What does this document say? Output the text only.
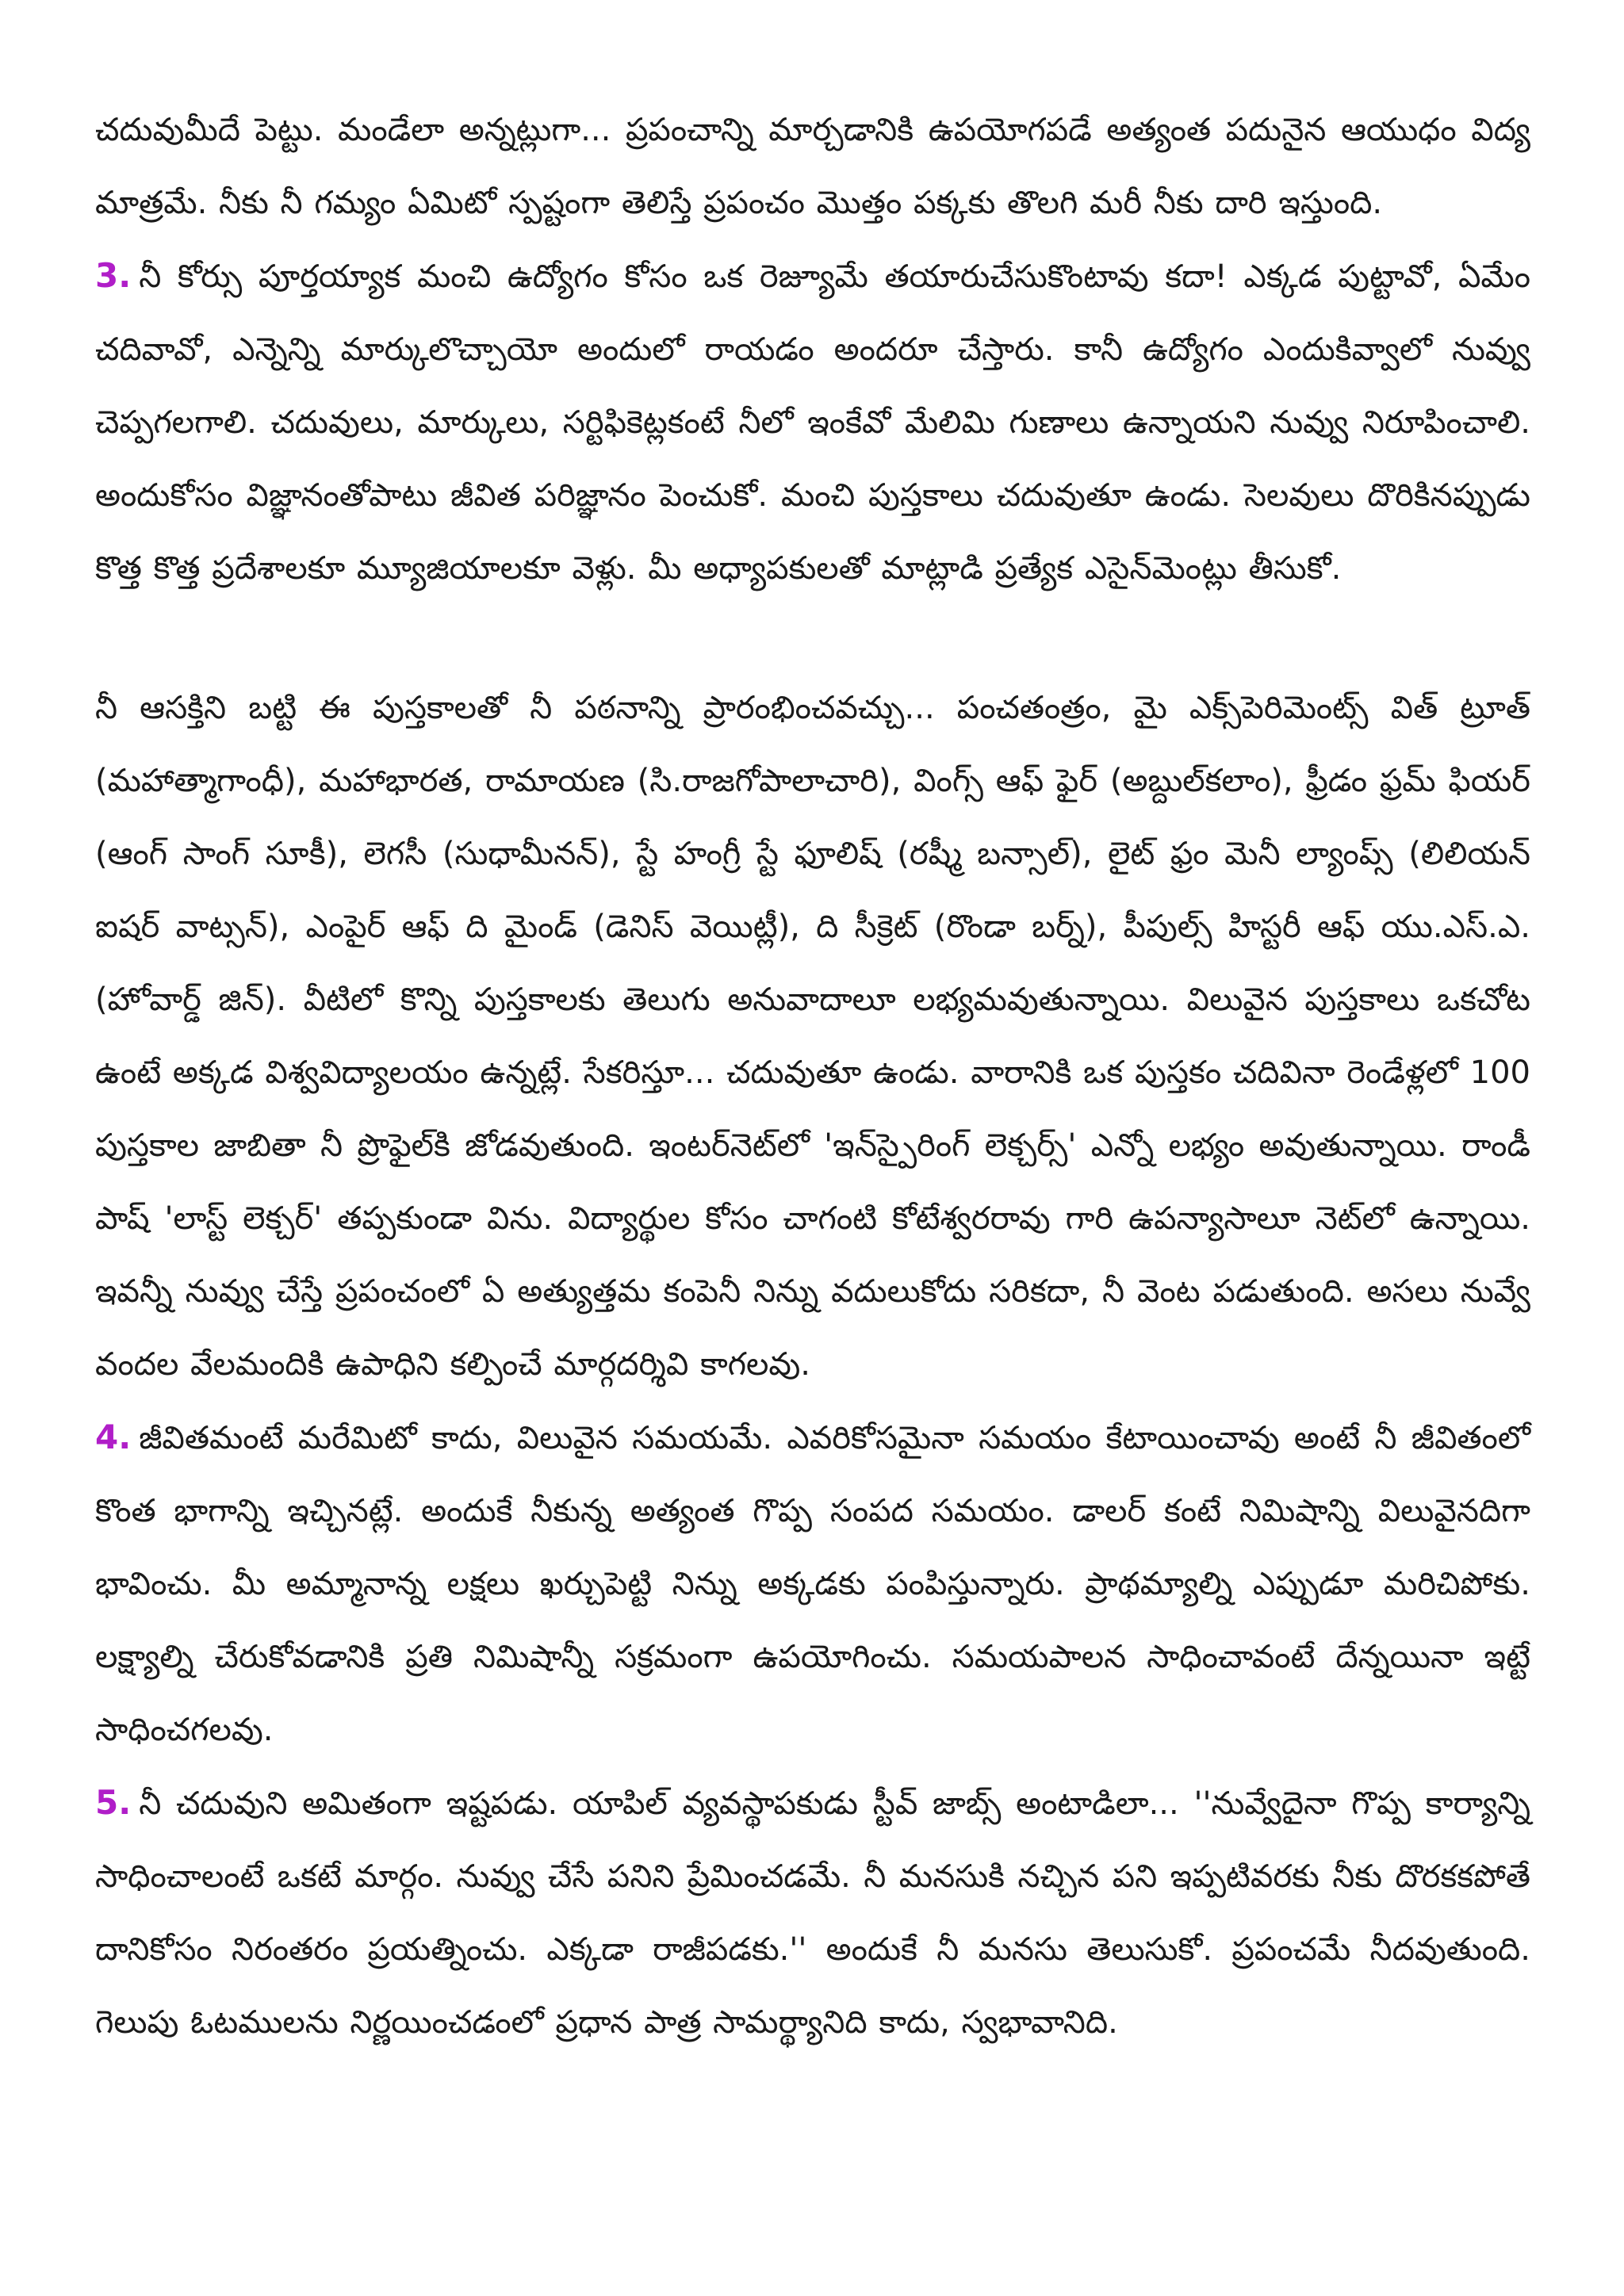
చదువుమీదే పెట్టు. మండేలా అన్నట్లుగా... ప్రపంచాన్ని మార్చడానికి ఉపయోగపడే అత్యంత పదునైన ఆయుధం విద్య మాత్రమే. నీకు నీ గమ్యం ఏమిటో స్పష్టంగా తెలిస్తే ప్రపంచం మొత్తం పక్కకు తొలగి మరీ నీకు దారి ఇస్తుంది.

3. నీ కోర్సు పూర్తయ్యాక మంచి ఉద్యోగం కోసం ఒక రెజ్యూమే తయారుచేసుకొంటావు కదా! ఎక్కడ పుట్టావో, ఏమేం చదివావో, ఎన్నెన్ని మార్కులొచ్చాయో అందులో రాయడం అందరూ చేస్తారు. కానీ ఉద్యోగం ఎందుకివ్వాలో నువ్వు చెప్పగలగాలి. చదువులు, మార్కులు, సర్టిఫికెట్లకంటే నీలో ఇంకేవో మేలిమి గుణాలు ఉన్నాయని నువ్వు నిరూపించాలి. అందుకోసం విజ్ఞానంతోపాటు జీవిత పరిజ్ఞానం పెంచుకో. మంచి పుస్తకాలు చదువుతూ ఉండు. సెలవులు దొరికినప్పుడు కొత్త కొత్త ప్రదేశాలకూ మ్యూజియాలకూ వెళ్లు. మీ అధ్యాపకులతో మాట్లాడి ప్రత్యేక ఎసైన్‌మెంట్లు తీసుకో.

నీ ఆసక్తిని బట్టి ఈ పుస్తకాలతో నీ పఠనాన్ని ప్రారంభించవచ్చు... పంచతంత్రం, మై ఎక్స్‌పెరిమెంట్స్ విత్ ట్రూత్ (మహాత్మాగాంధీ), మహాభారత, రామాయణ (సి.రాజగోపాలాచారి), వింగ్స్ ఆఫ్ ఫైర్ (అబ్దుల్‌కలాం), ఫ్రీడం ఫ్రమ్ ఫియర్ (ఆంగ్ సాంగ్ సూకీ), లెగసీ (సుధామీనన్), స్టే హంగ్రీ స్టే ఫూలిష్ (రష్మీ బన్సాల్), లైట్ ఫ్రం మెనీ ల్యాంప్స్ (లిలియన్ ఐషర్ వాట్సన్), ఎంపైర్ ఆఫ్ ది మైండ్ (డెనిస్ వెయిట్లీ), ది సీక్రెట్ (రొండా బర్న్), పీపుల్స్ హిస్టరీ ఆఫ్ యు.ఎస్.ఎ. (హోవార్డ్ జిన్). వీటిలో కొన్ని పుస్తకాలకు తెలుగు అనువాదాలూ లభ్యమవుతున్నాయి. విలువైన పుస్తకాలు ఒకచోట ఉంటే అక్కడ విశ్వవిద్యాలయం ఉన్నట్లే. సేకరిస్తూ... చదువుతూ ఉండు. వారానికి ఒక పుస్తకం చదివినా రెండేళ్లలో 100 పుస్తకాల జాబితా నీ ప్రొఫైల్‌కి జోడవుతుంది. ఇంటర్‌నెట్‌లో 'ఇన్‌స్పైరింగ్ లెక్చర్స్' ఎన్నో లభ్యం అవుతున్నాయి. రాండీ పాష్ 'లాస్ట్ లెక్చర్' తప్పకుండా విను. విద్యార్థుల కోసం చాగంటి కోటేశ్వరరావు గారి ఉపన్యాసాలూ నెట్‌లో ఉన్నాయి. ఇవన్నీ నువ్వు చేస్తే ప్రపంచంలో ఏ అత్యుత్తమ కంపెనీ నిన్ను వదులుకోదు సరికదా, నీ వెంట పడుతుంది. అసలు నువ్వే వందల వేలమందికి ఉపాధిని కల్పించే మార్గదర్శివి కాగలవు.

4. జీవితమంటే మరేమిటో కాదు, విలువైన సమయమే. ఎవరికోసమైనా సమయం కేటాయించావు అంటే నీ జీవితంలో కొంత భాగాన్ని ఇచ్చినట్లే. అందుకే నీకున్న అత్యంత గొప్ప సంపద సమయం. డాలర్ కంటే నిమిషాన్ని విలువైనదిగా భావించు. మీ అమ్మానాన్న లక్షలు ఖర్చుపెట్టి నిన్ను అక్కడకు పంపిస్తున్నారు. ప్రాథమ్యాల్ని ఎప్పుడూ మరిచిపోకు. లక్ష్యాల్ని చేరుకోవడానికి ప్రతి నిమిషాన్నీ సక్రమంగా ఉపయోగించు. సమయపాలన సాధించావంటే దేన్నయినా ఇట్టే సాధించగలవు.

5. నీ చదువుని అమితంగా ఇష్టపడు. యాపిల్ వ్యవస్థాపకుడు స్టీవ్ జాబ్స్ అంటాడిలా... ''నువ్వేదైనా గొప్ప కార్యాన్ని సాధించాలంటే ఒకటే మార్గం. నువ్వు చేసే పనిని ప్రేమించడమే. నీ మనసుకి నచ్చిన పని ఇప్పటివరకు నీకు దొరకకపోతే దానికోసం నిరంతరం ప్రయత్నించు. ఎక్కడా రాజీపడకు.'' అందుకే నీ మనసు తెలుసుకో. ప్రపంచమే నీదవుతుంది. గెలుపు ఓటములను నిర్ణయించడంలో ప్రధాన పాత్ర సామర్థ్యానిది కాదు, స్వభావానిది.
